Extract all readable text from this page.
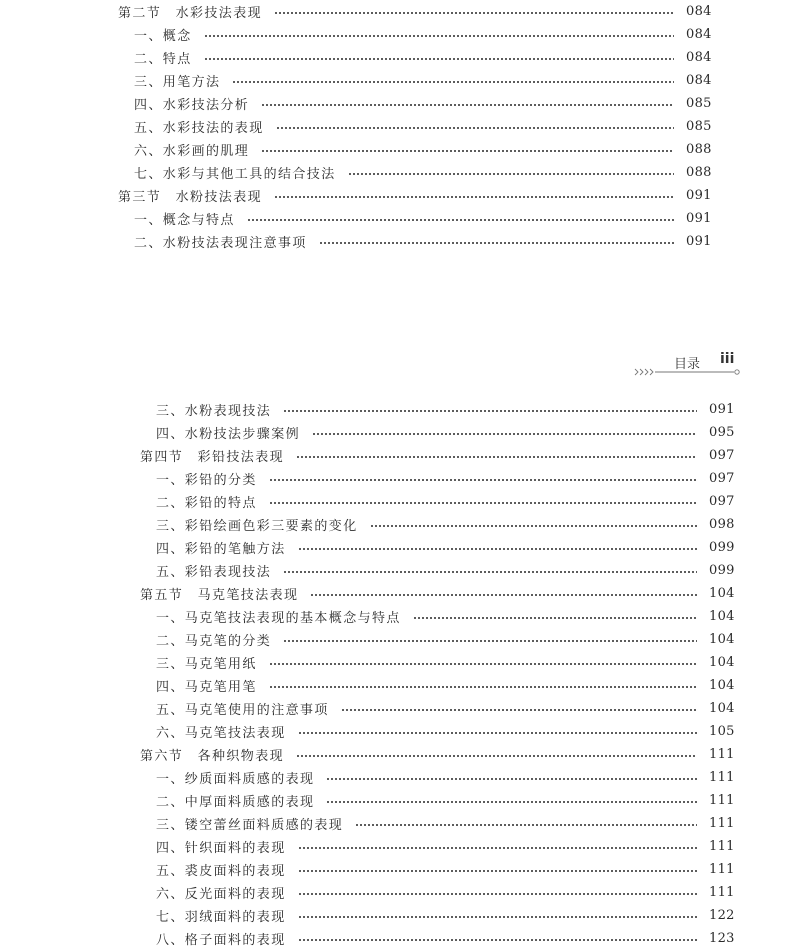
第二节　水彩技法表现	084
一、概念	084
二、特点	084
三、用笔方法	084
四、水彩技法分析	085
五、水彩技法的表现	085
六、水彩画的肌理	088
七、水彩与其他工具的结合技法	088
第三节　水粉技法表现	091
一、概念与特点	091
二、水粉技法表现注意事项	091
目录 iii
三、水粉表现技法	091
四、水粉技法步骤案例	095
第四节　彩铅技法表现	097
一、彩铅的分类	097
二、彩铅的特点	097
三、彩铅绘画色彩三要素的变化	098
四、彩铅的笔触方法	099
五、彩铅表现技法	099
第五节　马克笔技法表现	104
一、马克笔技法表现的基本概念与特点	104
二、马克笔的分类	104
三、马克笔用纸	104
四、马克笔用笔	104
五、马克笔使用的注意事项	104
六、马克笔技法表现	105
第六节　各种织物表现	111
一、纱质面料质感的表现	111
二、中厚面料质感的表现	111
三、镂空蕾丝面料质感的表现	111
四、针织面料的表现	111
五、裘皮面料的表现	111
六、反光面料的表现	111
七、羽绒面料的表现	122
八、格子面料的表现	123
